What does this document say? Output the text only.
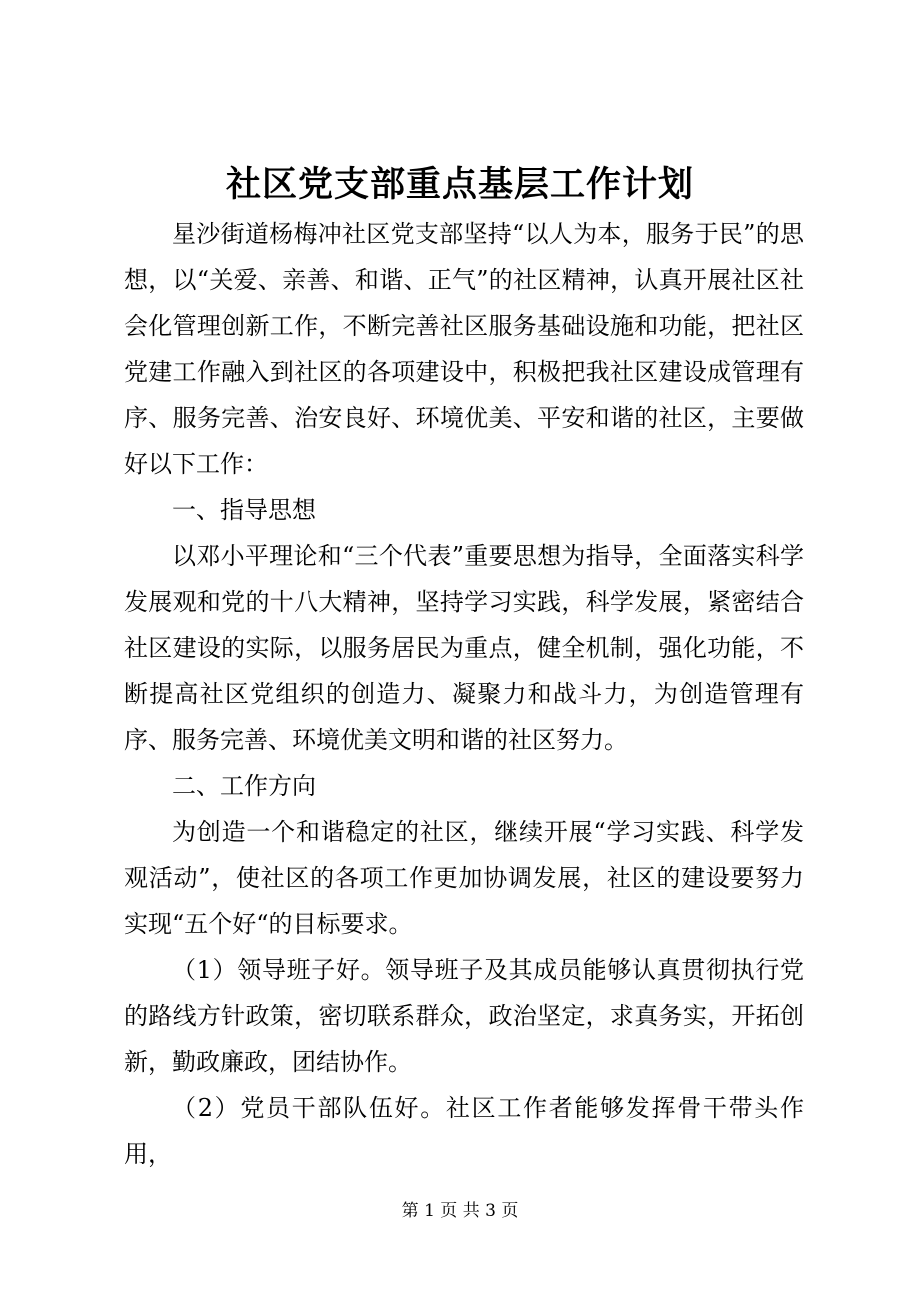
社区党支部重点基层工作计划

星沙街道杨梅冲社区党支部坚持“以人为本，服务于民”的思想，以“关爱、亲善、和谐、正气”的社区精神，认真开展社区社会化管理创新工作，不断完善社区服务基础设施和功能，把社区党建工作融入到社区的各项建设中，积极把我社区建设成管理有序、服务完善、治安良好、环境优美、平安和谐的社区，主要做好以下工作：

一、指导思想

以邓小平理论和“三个代表”重要思想为指导，全面落实科学发展观和党的十八大精神，坚持学习实践，科学发展，紧密结合社区建设的实际，以服务居民为重点，健全机制，强化功能，不断提高社区党组织的创造力、凝聚力和战斗力，为创造管理有序、服务完善、环境优美文明和谐的社区努力。

二、工作方向

为创造一个和谐稳定的社区，继续开展“学习实践、科学发观活动”，使社区的各项工作更加协调发展，社区的建设要努力实现“五个好“的目标要求。

（1）领导班子好。领导班子及其成员能够认真贯彻执行党的路线方针政策，密切联系群众，政治坚定，求真务实，开拓创新，勤政廉政，团结协作。

（2）党员干部队伍好。社区工作者能够发挥骨干带头作用，

第 1 页 共 3 页
